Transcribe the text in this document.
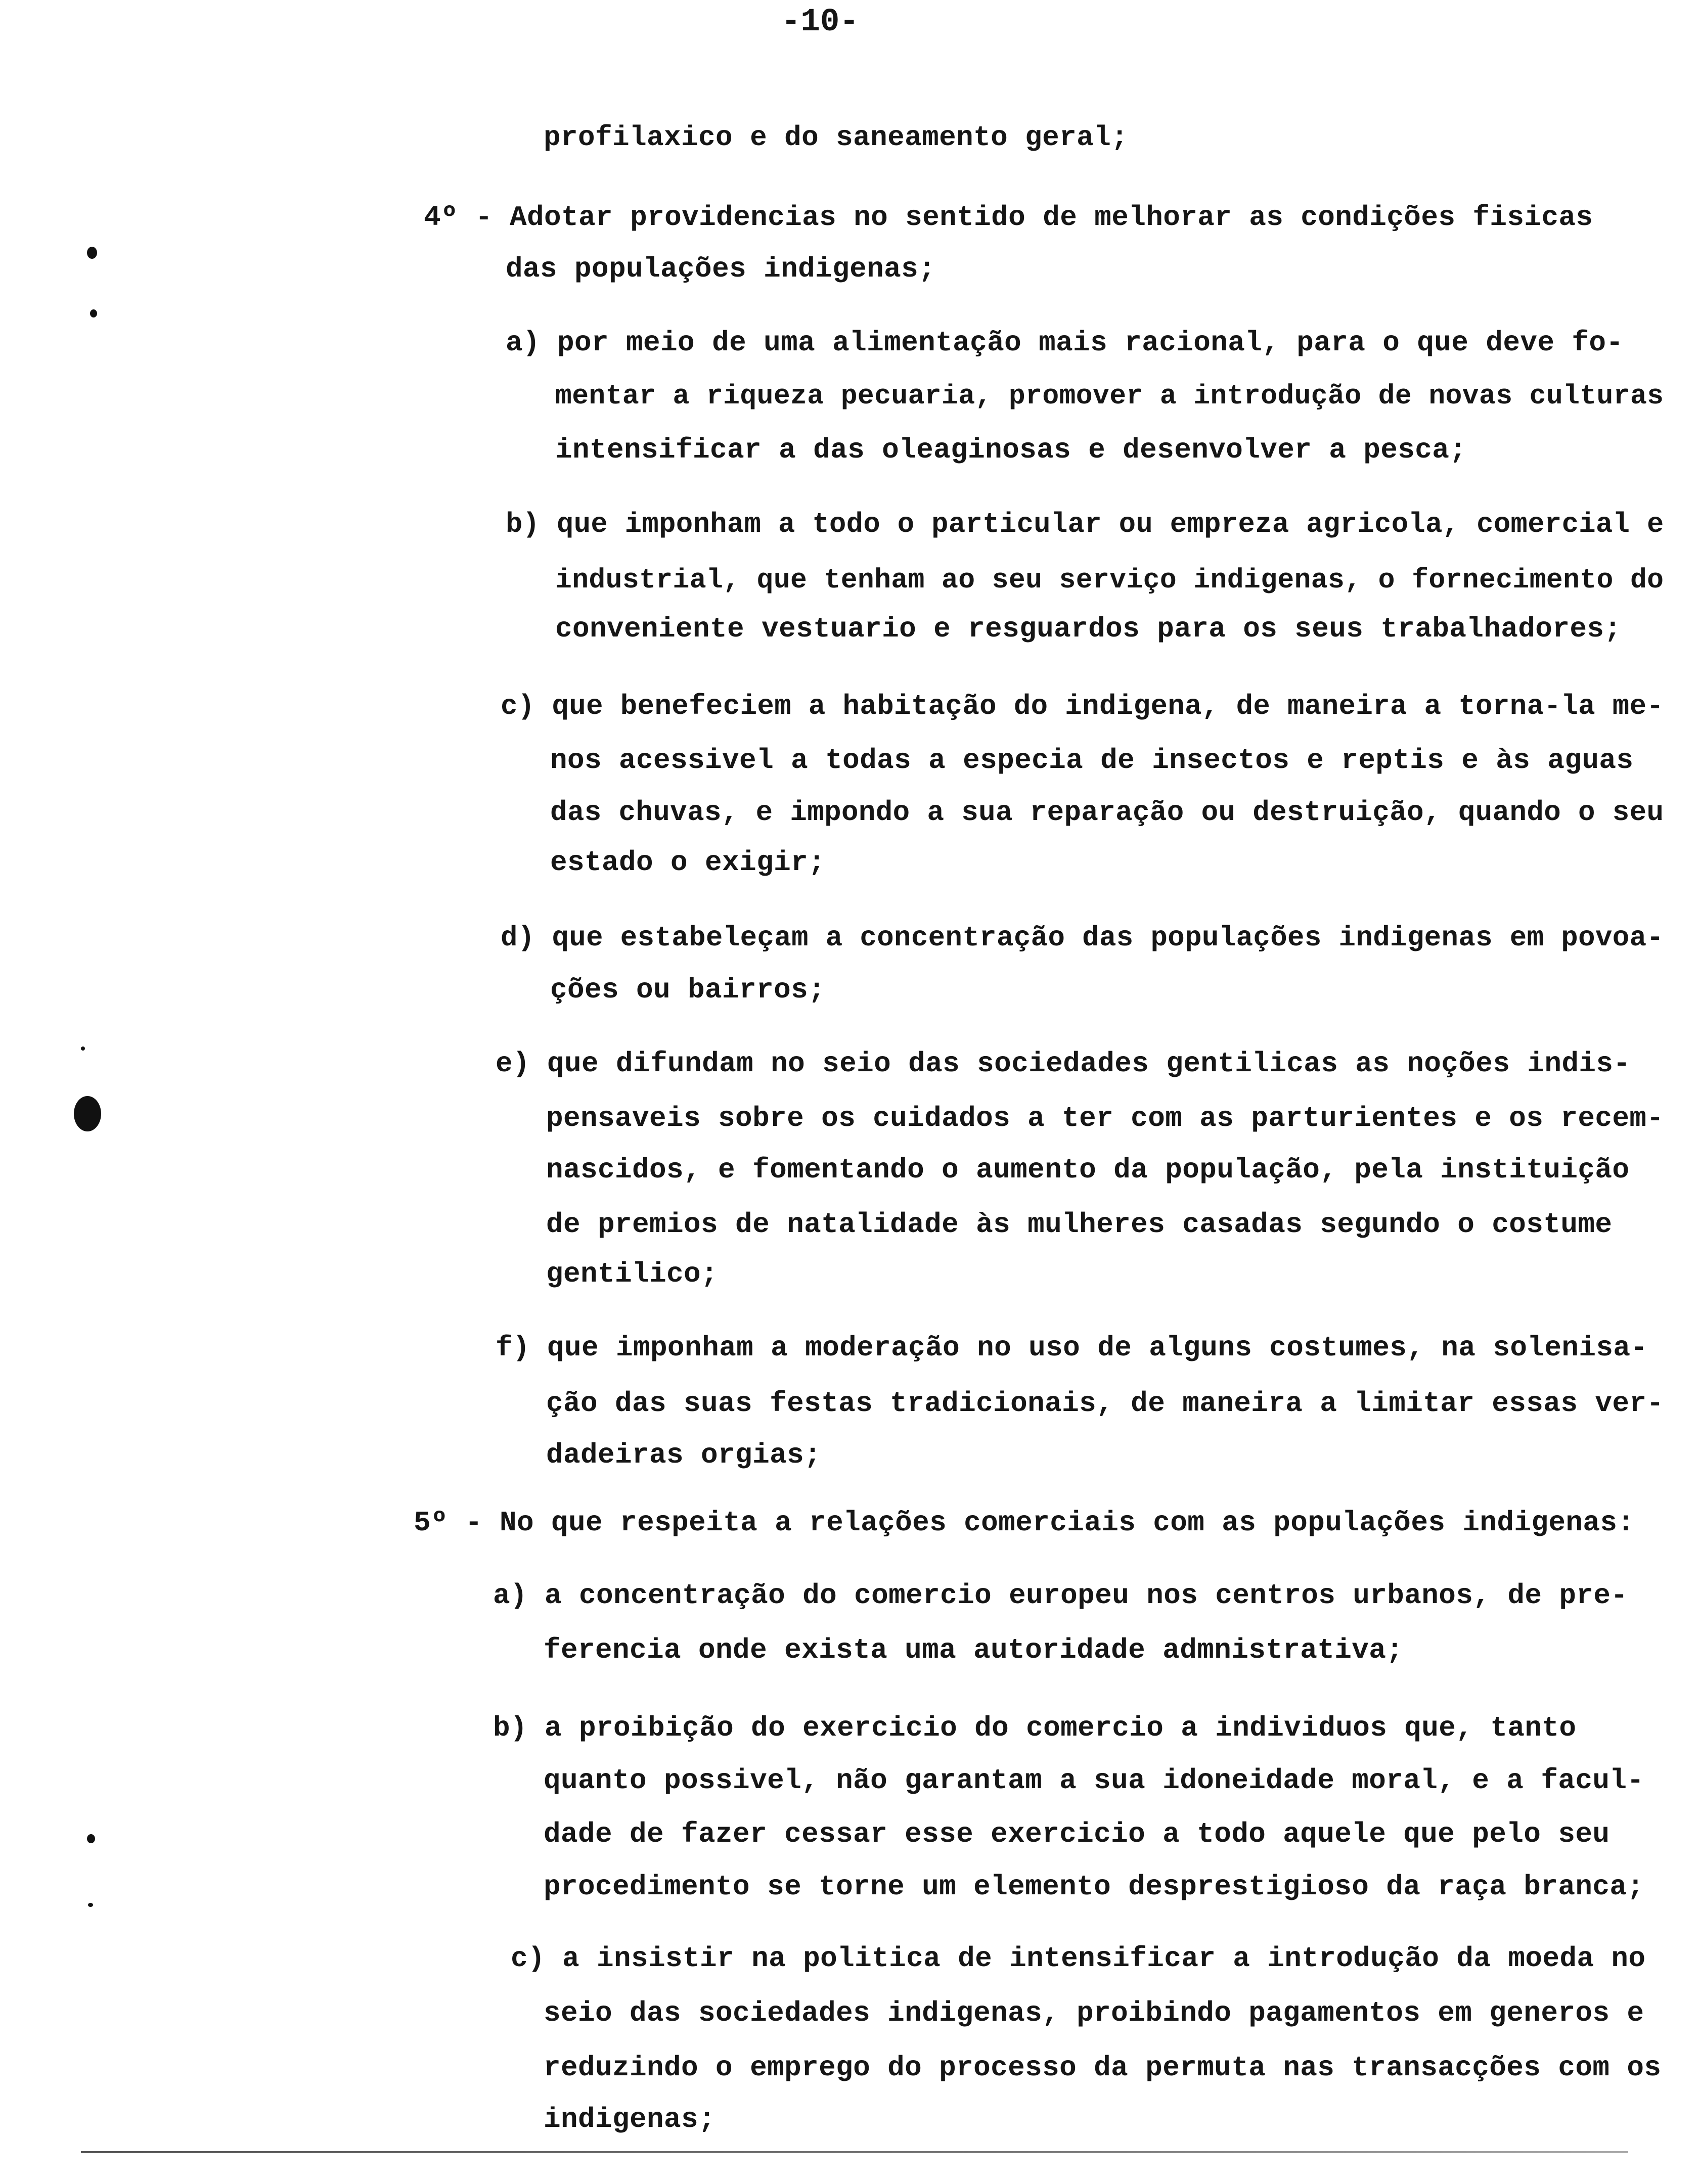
-10-
profilaxico e do saneamento geral;
4º - Adotar providencias no sentido de melhorar as condições fisicas
das populações indigenas;
a) por meio de uma alimentação mais racional, para o que deve fo-
mentar a riqueza pecuaria, promover a introdução de novas culturas
intensificar a das oleaginosas e desenvolver a pesca;
b) que imponham a todo o particular ou empreza agricola, comercial e
industrial, que tenham ao seu serviço indigenas, o fornecimento do
conveniente vestuario e resguardos para os seus trabalhadores;
c) que benefeciem a habitação do indigena, de maneira a torna-la me-
nos acessivel a todas a especia de insectos e reptis e às aguas
das chuvas, e impondo a sua reparação ou destruição, quando o seu
estado o exigir;
d) que estabeleçam a concentração das populações indigenas em povoa-
ções ou bairros;
e) que difundam no seio das sociedades gentilicas as noções indis-
pensaveis sobre os cuidados a ter com as parturientes e os recem-
nascidos, e fomentando o aumento da população, pela instituição
de premios de natalidade às mulheres casadas segundo o costume
gentilico;
f) que imponham a moderação no uso de alguns costumes, na solenisa-
ção das suas festas tradicionais, de maneira a limitar essas ver-
dadeiras orgias;
5º - No que respeita a relações comerciais com as populações indigenas:
a) a concentração do comercio europeu nos centros urbanos, de pre-
ferencia onde exista uma autoridade admnistrativa;
b) a proibição do exercicio do comercio a individuos que, tanto
quanto possivel, não garantam a sua idoneidade moral, e a facul-
dade de fazer cessar esse exercicio a todo aquele que pelo seu
procedimento se torne um elemento desprestigioso da raça branca;
c) a insistir na politica de intensificar a introdução da moeda no
seio das sociedades indigenas, proibindo pagamentos em generos e
reduzindo o emprego do processo da permuta nas transacções com os
indigenas;
